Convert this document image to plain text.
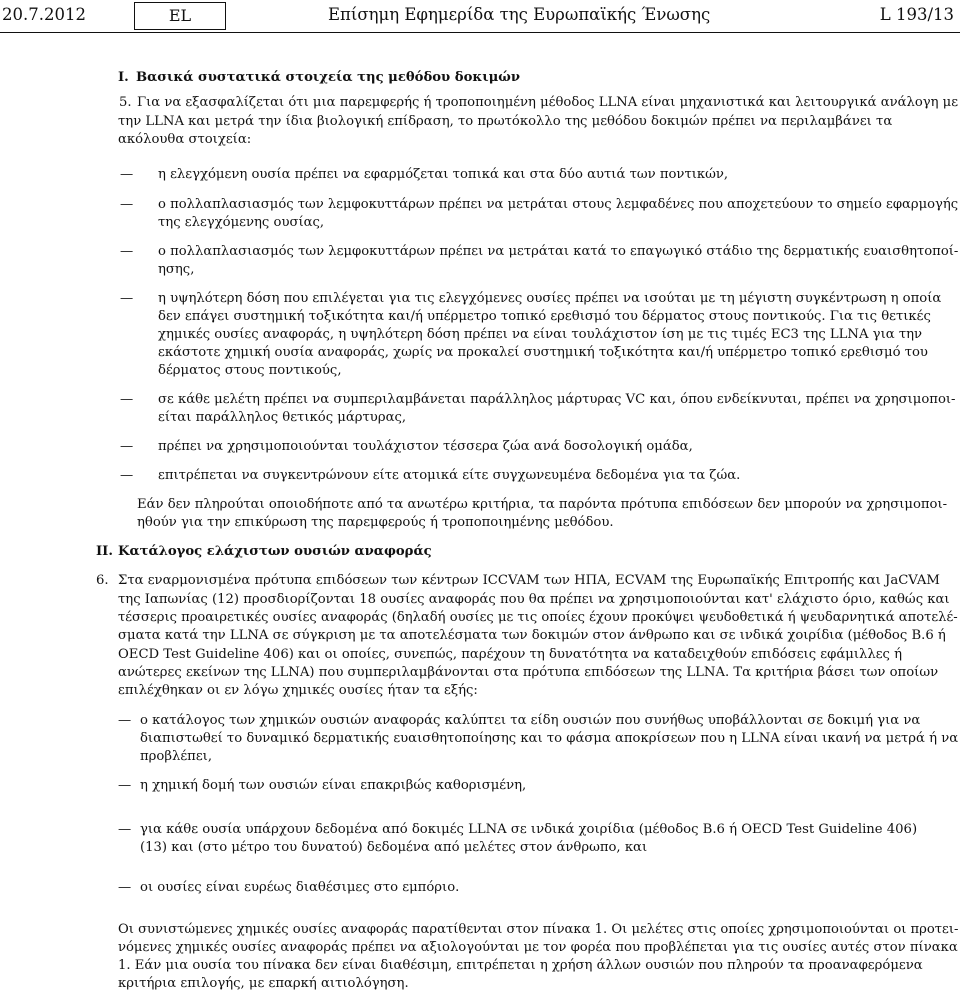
20.7.2012	EL	Επίσημη Εφημερίδα της Ευρωπαϊκής Ένωσης	L 193/13
I. Βασικά συστατικά στοιχεία της μεθόδου δοκιμών
5. Για να εξασφαλίζεται ότι μια παρεμφερής ή τροποποιημένη μέθοδος LLNA είναι μηχανιστικά και λειτουργικά ανάλογη με
την LLNA και μετρά την ίδια βιολογική επίδραση, το πρωτόκολλο της μεθόδου δοκιμών πρέπει να περιλαμβάνει τα
ακόλουθα στοιχεία:
— η ελεγχόμενη ουσία πρέπει να εφαρμόζεται τοπικά και στα δύο αυτιά των ποντικών,
— ο πολλαπλασιασμός των λεμφοκυττάρων πρέπει να μετράται στους λεμφαδένες που αποχετεύουν το σημείο εφαρμογής
της ελεγχόμενης ουσίας,
— ο πολλαπλασιασμός των λεμφοκυττάρων πρέπει να μετράται κατά το επαγωγικό στάδιο της δερματικής ευαισθητοποί-
ησης,
— η υψηλότερη δόση που επιλέγεται για τις ελεγχόμενες ουσίες πρέπει να ισούται με τη μέγιστη συγκέντρωση η οποία
δεν επάγει συστημική τοξικότητα και/ή υπέρμετρο τοπικό ερεθισμό του δέρματος στους ποντικούς. Για τις θετικές
χημικές ουσίες αναφοράς, η υψηλότερη δόση πρέπει να είναι τουλάχιστον ίση με τις τιμές EC3 της LLNA για την
εκάστοτε χημική ουσία αναφοράς, χωρίς να προκαλεί συστημική τοξικότητα και/ή υπέρμετρο τοπικό ερεθισμό του
δέρματος στους ποντικούς,
— σε κάθε μελέτη πρέπει να συμπεριλαμβάνεται παράλληλος μάρτυρας VC και, όπου ενδείκνυται, πρέπει να χρησιμοποι-
είται παράλληλος θετικός μάρτυρας,
— πρέπει να χρησιμοποιούνται τουλάχιστον τέσσερα ζώα ανά δοσολογική ομάδα,
— επιτρέπεται να συγκεντρώνουν είτε ατομικά είτε συγχωνευμένα δεδομένα για τα ζώα.
Εάν δεν πληρούται οποιοδήποτε από τα ανωτέρω κριτήρια, τα παρόντα πρότυπα επιδόσεων δεν μπορούν να χρησιμοποι-
ηθούν για την επικύρωση της παρεμφερούς ή τροποποιημένης μεθόδου.
II. Κατάλογος ελάχιστων ουσιών αναφοράς
6. Στα εναρμονισμένα πρότυπα επιδόσεων των κέντρων ICCVAM των ΗΠΑ, ECVAM της Ευρωπαϊκής Επιτροπής και JaCVAM
της Ιαπωνίας (12) προσδιορίζονται 18 ουσίες αναφοράς που θα πρέπει να χρησιμοποιούνται κατ' ελάχιστο όριο, καθώς και
τέσσερις προαιρετικές ουσίες αναφοράς (δηλαδή ουσίες με τις οποίες έχουν προκύψει ψευδοθετικά ή ψευδαρνητικά αποτελέ-
σματα κατά την LLNA σε σύγκριση με τα αποτελέσματα των δοκιμών στον άνθρωπο και σε ινδικά χοιρίδια (μέθοδος B.6 ή
OECD Test Guideline 406) και οι οποίες, συνεπώς, παρέχουν τη δυνατότητα να καταδειχθούν επιδόσεις εφάμιλλες ή
ανώτερες εκείνων της LLNA) που συμπεριλαμβάνονται στα πρότυπα επιδόσεων της LLNA. Τα κριτήρια βάσει των οποίων
επιλέχθηκαν οι εν λόγω χημικές ουσίες ήταν τα εξής:
— ο κατάλογος των χημικών ουσιών αναφοράς καλύπτει τα είδη ουσιών που συνήθως υποβάλλονται σε δοκιμή για να
διαπιστωθεί το δυναμικό δερματικής ευαισθητοποίησης και το φάσμα αποκρίσεων που η LLNA είναι ικανή να μετρά ή να
προβλέπει,
— η χημική δομή των ουσιών είναι επακριβώς καθορισμένη,
— για κάθε ουσία υπάρχουν δεδομένα από δοκιμές LLNA σε ινδικά χοιρίδια (μέθοδος B.6 ή OECD Test Guideline 406)
(13) και (στο μέτρο του δυνατού) δεδομένα από μελέτες στον άνθρωπο, και
— οι ουσίες είναι ευρέως διαθέσιμες στο εμπόριο.
Οι συνιστώμενες χημικές ουσίες αναφοράς παρατίθενται στον πίνακα 1. Οι μελέτες στις οποίες χρησιμοποιούνται οι προτει-
νόμενες χημικές ουσίες αναφοράς πρέπει να αξιολογούνται με τον φορέα που προβλέπεται για τις ουσίες αυτές στον πίνακα
1. Εάν μια ουσία του πίνακα δεν είναι διαθέσιμη, επιτρέπεται η χρήση άλλων ουσιών που πληρούν τα προαναφερόμενα
κριτήρια επιλογής, με επαρκή αιτιολόγηση.
